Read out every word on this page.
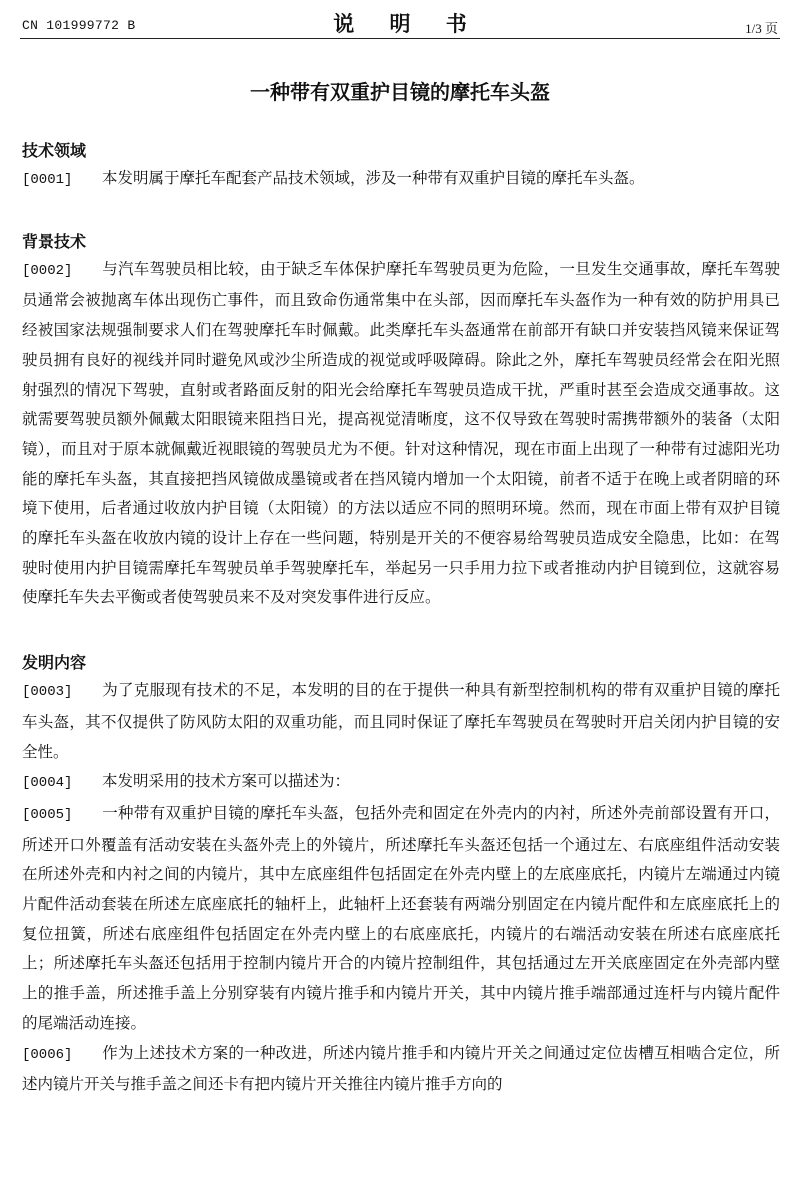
CN 101999772 B	说 明 书	1/3 页
一种带有双重护目镜的摩托车头盔
技术领域

[0001] 本发明属于摩托车配套产品技术领域，涉及一种带有双重护目镜的摩托车头盔。

背景技术

[0002] 与汽车驾驶员相比较，由于缺乏车体保护摩托车驾驶员更为危险，一旦发生交通事故，摩托车驾驶员通常会被抛离车体出现伤亡事件，而且致命伤通常集中在头部，因而摩托车头盔作为一种有效的防护用具已经被国家法规强制要求人们在驾驶摩托车时佩戴。此类摩托车头盔通常在前部开有缺口并安装挡风镜来保证驾驶员拥有良好的视线并同时避免风或沙尘所造成的视觉或呼吸障碍。除此之外，摩托车驾驶员经常会在阳光照射强烈的情况下驾驶，直射或者路面反射的阳光会给摩托车驾驶员造成干扰，严重时甚至会造成交通事故。这就需要驾驶员额外佩戴太阳眼镜来阻挡日光，提高视觉清晰度，这不仅导致在驾驶时需携带额外的装备（太阳镜），而且对于原本就佩戴近视眼镜的驾驶员尤为不便。针对这种情况，现在市面上出现了一种带有过滤阳光功能的摩托车头盔，其直接把挡风镜做成墨镜或者在挡风镜内增加一个太阳镜，前者不适于在晚上或者阴暗的环境下使用，后者通过收放内护目镜（太阳镜）的方法以适应不同的照明环境。然而，现在市面上带有双护目镜的摩托车头盔在收放内镜的设计上存在一些问题，特别是开关的不便容易给驾驶员造成安全隐患，比如：在驾驶时使用内护目镜需摩托车驾驶员单手驾驶摩托车，举起另一只手用力拉下或者推动内护目镜到位，这就容易使摩托车失去平衡或者使驾驶员来不及对突发事件进行反应。

发明内容

[0003] 为了克服现有技术的不足，本发明的目的在于提供一种具有新型控制机构的带有双重护目镜的摩托车头盔，其不仅提供了防风防太阳的双重功能，而且同时保证了摩托车驾驶员在驾驶时开启关闭内护目镜的安全性。

[0004] 本发明采用的技术方案可以描述为：

[0005] 一种带有双重护目镜的摩托车头盔，包括外壳和固定在外壳内的内衬，所述外壳前部设置有开口，所述开口外覆盖有活动安装在头盔外壳上的外镜片，所述摩托车头盔还包括一个通过左、右底座组件活动安装在所述外壳和内衬之间的内镜片，其中左底座组件包括固定在外壳内壁上的左底座底托，内镜片左端通过内镜片配件活动套装在所述左底座底托的轴杆上，此轴杆上还套装有两端分别固定在内镜片配件和左底座底托上的复位扭簧，所述右底座组件包括固定在外壳内壁上的右底座底托，内镜片的右端活动安装在所述右底座底托上；所述摩托车头盔还包括用于控制内镜片开合的内镜片控制组件，其包括通过左开关底座固定在外壳部内壁上的推手盖，所述推手盖上分别穿装有内镜片推手和内镜片开关，其中内镜片推手端部通过连杆与内镜片配件的尾端活动连接。

[0006] 作为上述技术方案的一种改进，所述内镜片推手和内镜片开关之间通过定位齿槽互相啮合定位，所述内镜片开关与推手盖之间还卡有把内镜片开关推往内镜片推手方向的
